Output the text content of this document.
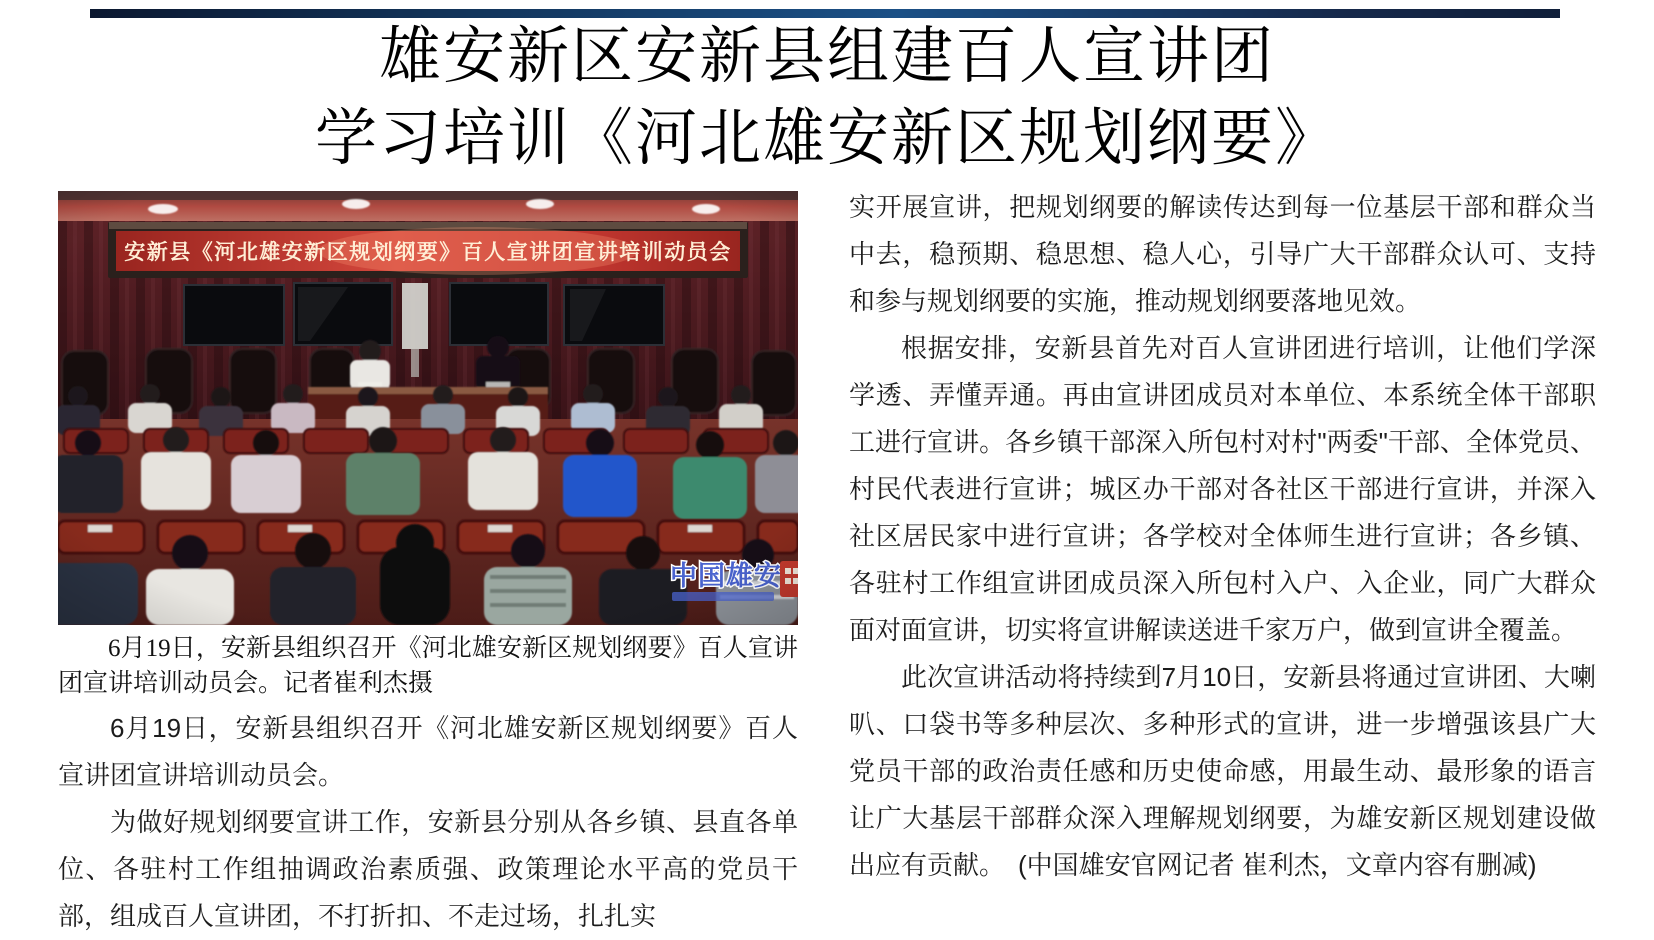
雄安新区安新县组建百人宣讲团
学习培训《河北雄安新区规划纲要》
6月19日，安新县组织召开《河北雄安新区规划纲要》百人宣讲团宣讲培训动员会。记者崔利杰摄

6月19日，安新县组织召开《河北雄安新区规划纲要》百人宣讲团宣讲培训动员会。

为做好规划纲要宣讲工作，安新县分别从各乡镇、县直各单位、各驻村工作组抽调政治素质强、政策理论水平高的党员干部，组成百人宣讲团，不打折扣、不走过场，扎扎实

实开展宣讲，把规划纲要的解读传达到每一位基层干部和群众当中去，稳预期、稳思想、稳人心，引导广大干部群众认可、支持和参与规划纲要的实施，推动规划纲要落地见效。

根据安排，安新县首先对百人宣讲团进行培训，让他们学深学透、弄懂弄通。再由宣讲团成员对本单位、本系统全体干部职工进行宣讲。各乡镇干部深入所包村对村"两委"干部、全体党员、村民代表进行宣讲；城区办干部对各社区干部进行宣讲，并深入社区居民家中进行宣讲；各学校对全体师生进行宣讲；各乡镇、各驻村工作组宣讲团成员深入所包村入户、入企业，同广大群众面对面宣讲，切实将宣讲解读送进千家万户，做到宣讲全覆盖。

此次宣讲活动将持续到7月10日，安新县将通过宣讲团、大喇叭、口袋书等多种层次、多种形式的宣讲，进一步增强该县广大党员干部的政治责任感和历史使命感，用最生动、最形象的语言让广大基层干部群众深入理解规划纲要，为雄安新区规划建设做出应有贡献。　(中国雄安官网记者 崔利杰，文章内容有删减)
